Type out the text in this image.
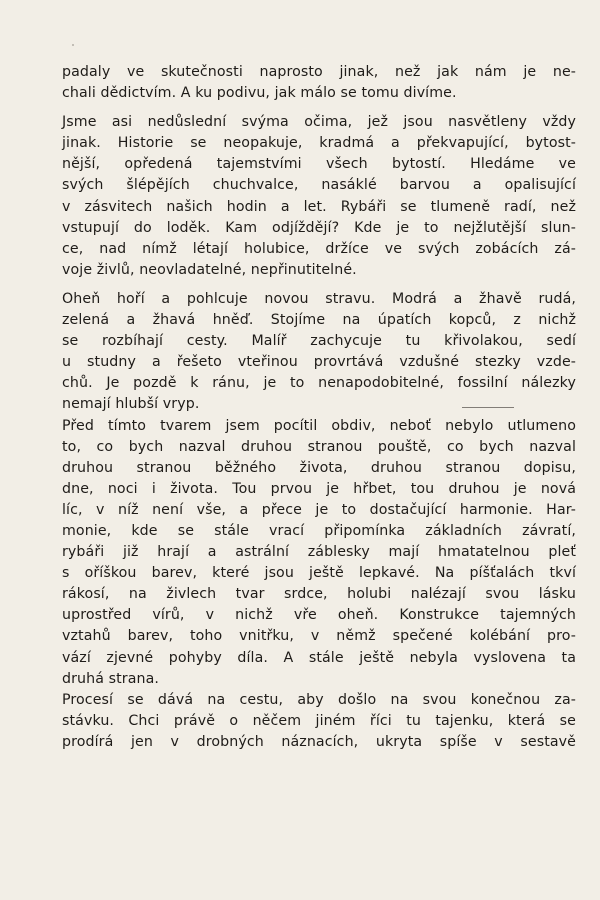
padaly ve skutečnosti naprosto jinak, než jak nám je ne-
chali dědictvím. A ku podivu, jak málo se tomu divíme.

Jsme asi nedůslední svýma očima, jež jsou nasvětleny vždy
jinak. Historie se neopakuje, kradmá a překvapující, bytost-
nější, opředená tajemstvími všech bytostí. Hledáme ve
svých šlépějích chuchvalce, nasáklé barvou a opalisující
v zásvitech našich hodin a let. Rybáři se tlumeně radí, než
vstupují do loděk. Kam odjíždějí? Kde je to nejžlutější slun-
ce, nad nímž létají holubice, držíce ve svých zobácích zá-
voje živlů, neovladatelné, nepřinutitelné.

Oheň hoří a pohlcuje novou stravu. Modrá a žhavě rudá,
zelená a žhavá hněď. Stojíme na úpatích kopců, z nichž
se rozbíhají cesty. Malíř zachycuje tu křivolakou, sedí
u studny a řešeto vteřinou provrtává vzdušné stezky vzde-
chů. Je pozdě k ránu, je to nenapodobitelné, fossilní nálezky
nemají hlubší vryp.

Před tímto tvarem jsem pocítil obdiv, neboť nebylo utlumeno
to, co bych nazval druhou stranou pouště, co bych nazval
druhou stranou běžného života, druhou stranou dopisu,
dne, noci i života. Tou prvou je hřbet, tou druhou je nová
líc, v níž není vše, a přece je to dostačující harmonie. Har-
monie, kde se stále vrací připomínka základních závratí,
rybáři již hrají a astrální záblesky mají hmatatelnou pleť
s oříškou barev, které jsou ještě lepkavé. Na píšťalách tkví
rákosí, na živlech tvar srdce, holubi nalézají svou lásku
uprostřed vírů, v nichž vře oheň. Konstrukce tajemných
vztahů barev, toho vnitřku, v němž spečené kolébání pro-
vází zjevné pohyby díla. A stále ještě nebyla vyslovena ta
druhá strana.

Procesí se dává na cestu, aby došlo na svou konečnou za-
stávku. Chci právě o něčem jiném říci tu tajenku, která se
prodírá jen v drobných náznacích, ukryta spíše v sestavě
